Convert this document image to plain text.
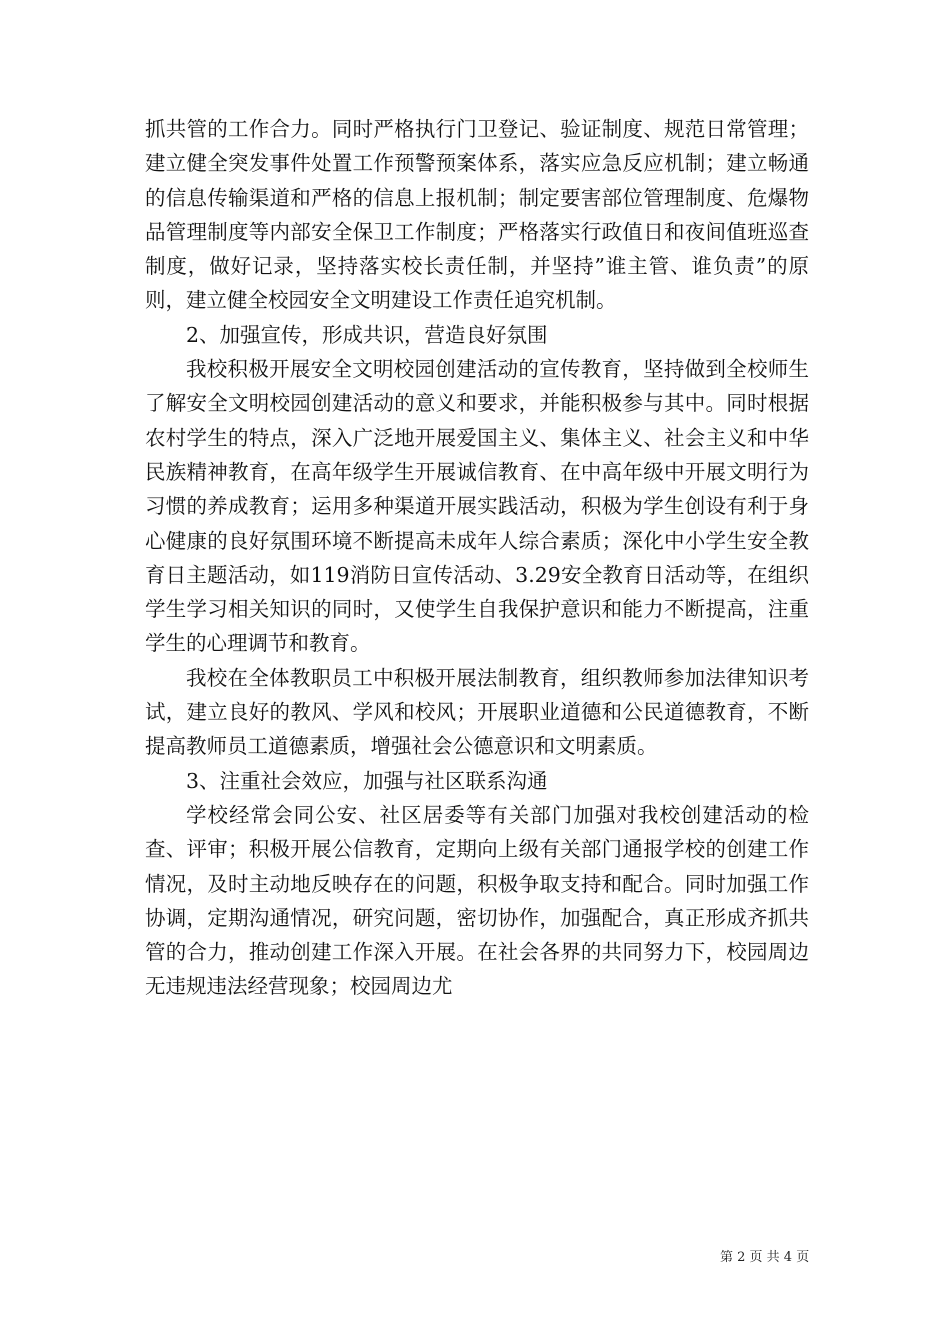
抓共管的工作合力。同时严格执行门卫登记、验证制度、规范日常管理；建立健全突发事件处置工作预警预案体系，落实应急反应机制；建立畅通的信息传输渠道和严格的信息上报机制；制定要害部位管理制度、危爆物品管理制度等内部安全保卫工作制度；严格落实行政值日和夜间值班巡查制度，做好记录，坚持落实校长责任制，并坚持”谁主管、谁负责”的原则，建立健全校园安全文明建设工作责任追究机制。

2、加强宣传，形成共识，营造良好氛围

我校积极开展安全文明校园创建活动的宣传教育，坚持做到全校师生了解安全文明校园创建活动的意义和要求，并能积极参与其中。同时根据农村学生的特点，深入广泛地开展爱国主义、集体主义、社会主义和中华民族精神教育，在高年级学生开展诚信教育、在中高年级中开展文明行为习惯的养成教育；运用多种渠道开展实践活动，积极为学生创设有利于身心健康的良好氛围环境不断提高未成年人综合素质；深化中小学生安全教育日主题活动，如119消防日宣传活动、3.29安全教育日活动等，在组织学生学习相关知识的同时，又使学生自我保护意识和能力不断提高，注重学生的心理调节和教育。

我校在全体教职员工中积极开展法制教育，组织教师参加法律知识考试，建立良好的教风、学风和校风；开展职业道德和公民道德教育，不断提高教师员工道德素质，增强社会公德意识和文明素质。

3、注重社会效应，加强与社区联系沟通

学校经常会同公安、社区居委等有关部门加强对我校创建活动的检查、评审；积极开展公信教育，定期向上级有关部门通报学校的创建工作情况，及时主动地反映存在的问题，积极争取支持和配合。同时加强工作协调，定期沟通情况，研究问题，密切协作，加强配合，真正形成齐抓共管的合力，推动创建工作深入开展。在社会各界的共同努力下，校园周边无违规违法经营现象；校园周边尤

第 2 页 共 4 页
